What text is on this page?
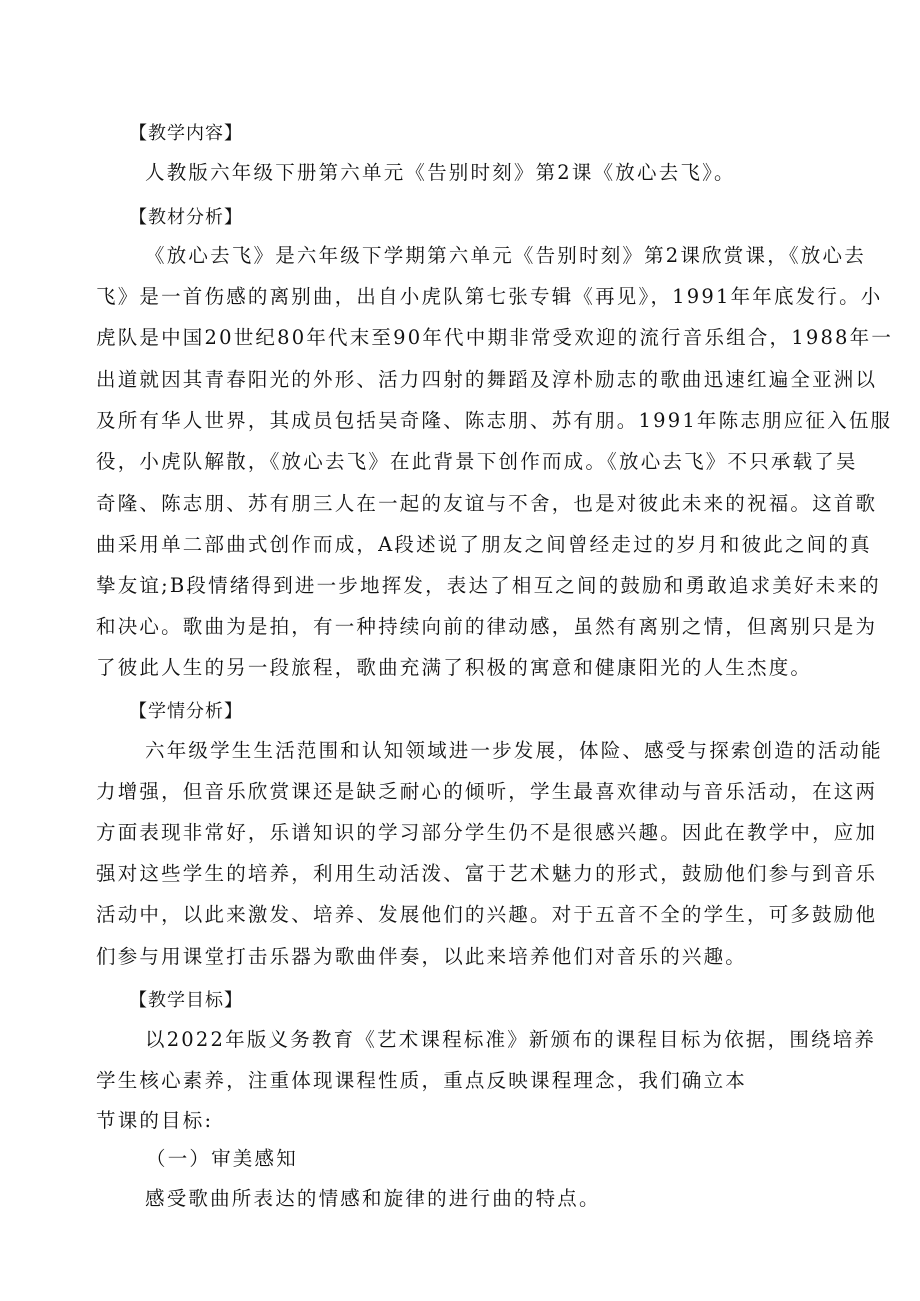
【教学内容】
人教版六年级下册第六单元《告别时刻》第2课《放心去飞》。
【教材分析】
《放心去飞》是六年级下学期第六单元《告别时刻》第2课欣赏课，《放心去
飞》是一首伤感的离别曲，出自小虎队第七张专辑《再见》，1991年年底发行。小
虎队是中国20世纪80年代末至90年代中期非常受欢迎的流行音乐组合，1988年一
出道就因其青春阳光的外形、活力四射的舞蹈及淳朴励志的歌曲迅速红遍全亚洲以
及所有华人世界，其成员包括吴奇隆、陈志朋、苏有朋。1991年陈志朋应征入伍服
役，小虎队解散，《放心去飞》在此背景下创作而成。《放心去飞》不只承载了吴
奇隆、陈志朋、苏有朋三人在一起的友谊与不舍，也是对彼此未来的祝福。这首歌
曲采用单二部曲式创作而成，A段述说了朋友之间曾经走过的岁月和彼此之间的真
挚友谊;B段情绪得到进一步地挥发，表达了相互之间的鼓励和勇敢追求美好未来的
和决心。歌曲为是拍，有一种持续向前的律动感，虽然有离别之情，但离别只是为
了彼此人生的另一段旅程，歌曲充满了积极的寓意和健康阳光的人生杰度。
【学情分析】
六年级学生生活范围和认知领域进一步发展，体险、感受与探索创造的活动能
力增强，但音乐欣赏课还是缺乏耐心的倾听，学生最喜欢律动与音乐活动，在这两
方面表现非常好，乐谱知识的学习部分学生仍不是很感兴趣。因此在教学中，应加
强对这些学生的培养，利用生动活泼、富于艺术魅力的形式，鼓励他们参与到音乐
活动中，以此来激发、培养、发展他们的兴趣。对于五音不全的学生，可多鼓励他
们参与用课堂打击乐器为歌曲伴奏，以此来培养他们对音乐的兴趣。
【教学目标】
以2022年版义务教育《艺术课程标准》新颁布的课程目标为依据，围绕培养
学生核心素养，注重体现课程性质，重点反映课程理念，我们确立本
节课的目标:
（一）审美感知
感受歌曲所表达的情感和旋律的进行曲的特点。
